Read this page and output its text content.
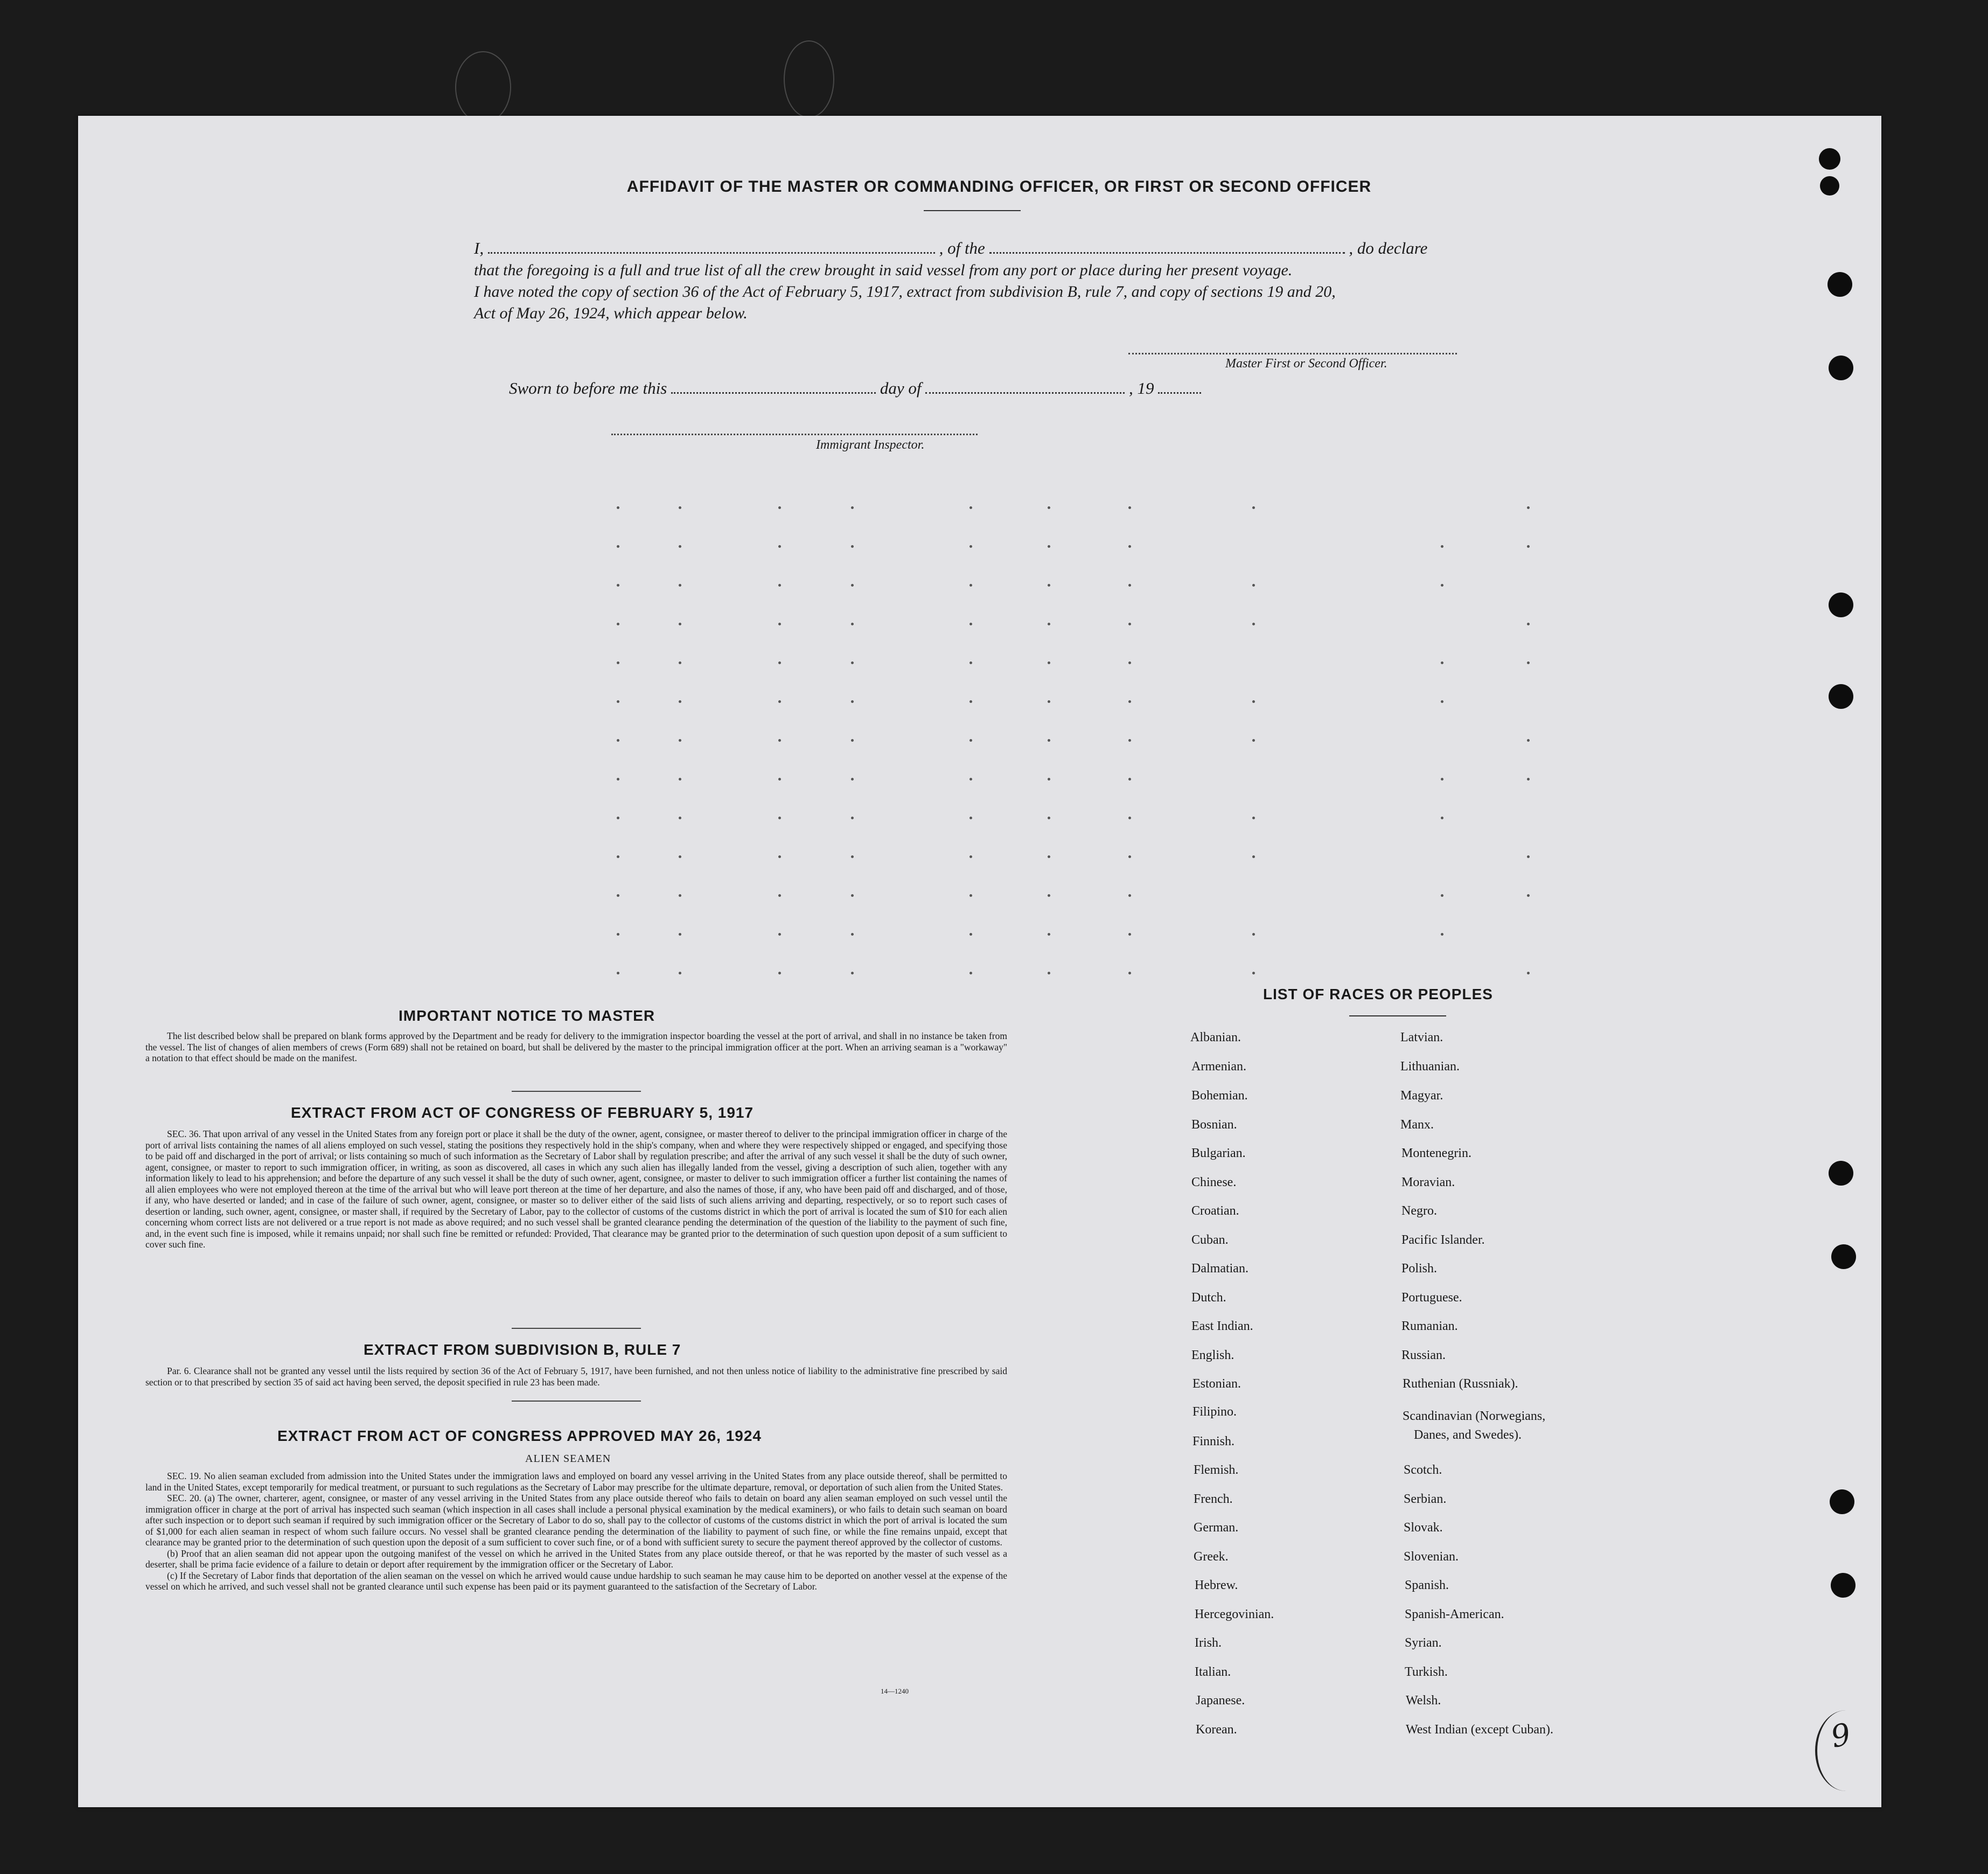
AFFIDAVIT OF THE MASTER OR COMMANDING OFFICER, OR FIRST OR SECOND OFFICER
I,	, of the	, do declare
that the foregoing is a full and true list of all the crew brought in said vessel from any port or place during her present voyage.
I have noted the copy of section 36 of the Act of February 5, 1917, extract from subdivision B, rule 7, and copy of sections 19 and 20,
Act of May 26, 1924, which appear below.
Master First or Second Officer.
Sworn to before me this	day of	, 19
Immigrant Inspector.
IMPORTANT NOTICE TO MASTER

The list described below shall be prepared on blank forms approved by the Department and be ready for delivery to the immigration inspector boarding the vessel at the port of arrival, and shall in no instance be taken from the vessel. The list of changes of alien members of crews (Form 689) shall not be retained on board, but shall be delivered by the master to the principal immigration officer at the port. When an arriving seaman is a "workaway" a notation to that effect should be made on the manifest.

EXTRACT FROM ACT OF CONGRESS OF FEBRUARY 5, 1917

SEC. 36. That upon arrival of any vessel in the United States from any foreign port or place it shall be the duty of the owner, agent, consignee, or master thereof to deliver to the principal immigration officer in charge of the port of arrival lists containing the names of all aliens employed on such vessel, stating the positions they respectively hold in the ship's company, when and where they were respectively shipped or engaged, and specifying those to be paid off and discharged in the port of arrival; or lists containing so much of such information as the Secretary of Labor shall by regulation prescribe; and after the arrival of any such vessel it shall be the duty of such owner, agent, consignee, or master to report to such immigration officer, in writing, as soon as discovered, all cases in which any such alien has illegally landed from the vessel, giving a description of such alien, together with any information likely to lead to his apprehension; and before the departure of any such vessel it shall be the duty of such owner, agent, consignee, or master to deliver to such immigration officer a further list containing the names of all alien employees who were not employed thereon at the time of the arrival but who will leave port thereon at the time of her departure, and also the names of those, if any, who have been paid off and discharged, and of those, if any, who have deserted or landed; and in case of the failure of such owner, agent, consignee, or master so to deliver either of the said lists of such aliens arriving and departing, respectively, or so to report such cases of desertion or landing, such owner, agent, consignee, or master shall, if required by the Secretary of Labor, pay to the collector of customs of the customs district in which the port of arrival is located the sum of $10 for each alien concerning whom correct lists are not delivered or a true report is not made as above required; and no such vessel shall be granted clearance pending the determination of the question of the liability to the payment of such fine, and, in the event such fine is imposed, while it remains unpaid; nor shall such fine be remitted or refunded: Provided, That clearance may be granted prior to the determination of such question upon deposit of a sum sufficient to cover such fine.

EXTRACT FROM SUBDIVISION B, RULE 7

Par. 6. Clearance shall not be granted any vessel until the lists required by section 36 of the Act of February 5, 1917, have been furnished, and not then unless notice of liability to the administrative fine prescribed by said section or to that prescribed by section 35 of said act having been served, the deposit specified in rule 23 has been made.

EXTRACT FROM ACT OF CONGRESS APPROVED MAY 26, 1924
ALIEN SEAMEN

SEC. 19. No alien seaman excluded from admission into the United States under the immigration laws and employed on board any vessel arriving in the United States from any place outside thereof, shall be permitted to land in the United States, except temporarily for medical treatment, or pursuant to such regulations as the Secretary of Labor may prescribe for the ultimate departure, removal, or deportation of such alien from the United States.

SEC. 20. (a) The owner, charterer, agent, consignee, or master of any vessel arriving in the United States from any place outside thereof who fails to detain on board any alien seaman employed on such vessel until the immigration officer in charge at the port of arrival has inspected such seaman (which inspection in all cases shall include a personal physical examination by the medical examiners), or who fails to detain such seaman on board after such inspection or to deport such seaman if required by such immigration officer or the Secretary of Labor to do so, shall pay to the collector of customs of the customs district in which the port of arrival is located the sum of $1,000 for each alien seaman in respect of whom such failure occurs. No vessel shall be granted clearance pending the determination of the liability to payment of such fine, or while the fine remains unpaid, except that clearance may be granted prior to the determination of such question upon the deposit of a sum sufficient to cover such fine, or of a bond with sufficient surety to secure the payment thereof approved by the collector of customs.

(b) Proof that an alien seaman did not appear upon the outgoing manifest of the vessel on which he arrived in the United States from any place outside thereof, or that he was reported by the master of such vessel as a deserter, shall be prima facie evidence of a failure to detain or deport after requirement by the immigration officer or the Secretary of Labor.

(c) If the Secretary of Labor finds that deportation of the alien seaman on the vessel on which he arrived would cause undue hardship to such seaman he may cause him to be deported on another vessel at the expense of the vessel on which he arrived, and such vessel shall not be granted clearance until such expense has been paid or its payment guaranteed to the satisfaction of the Secretary of Labor.

14—1240
LIST OF RACES OR PEOPLES
Albanian.
Armenian.
Bohemian.
Bosnian.
Bulgarian.
Chinese.
Croatian.
Cuban.
Dalmatian.
Dutch.
East Indian.
English.
Estonian.
Filipino.
Finnish.
Flemish.
French.
German.
Greek.
Hebrew.
Hercegovinian.
Irish.
Italian.
Japanese.
Korean.
Latvian.
Lithuanian.
Magyar.
Manx.
Montenegrin.
Moravian.
Negro.
Pacific Islander.
Polish.
Portuguese.
Rumanian.
Russian.
Ruthenian (Russniak).
Scandinavian (Norwegians,
Danes, and Swedes).
Scotch.
Serbian.
Slovak.
Slovenian.
Spanish.
Spanish-American.
Syrian.
Turkish.
Welsh.
West Indian (except Cuban).	9
